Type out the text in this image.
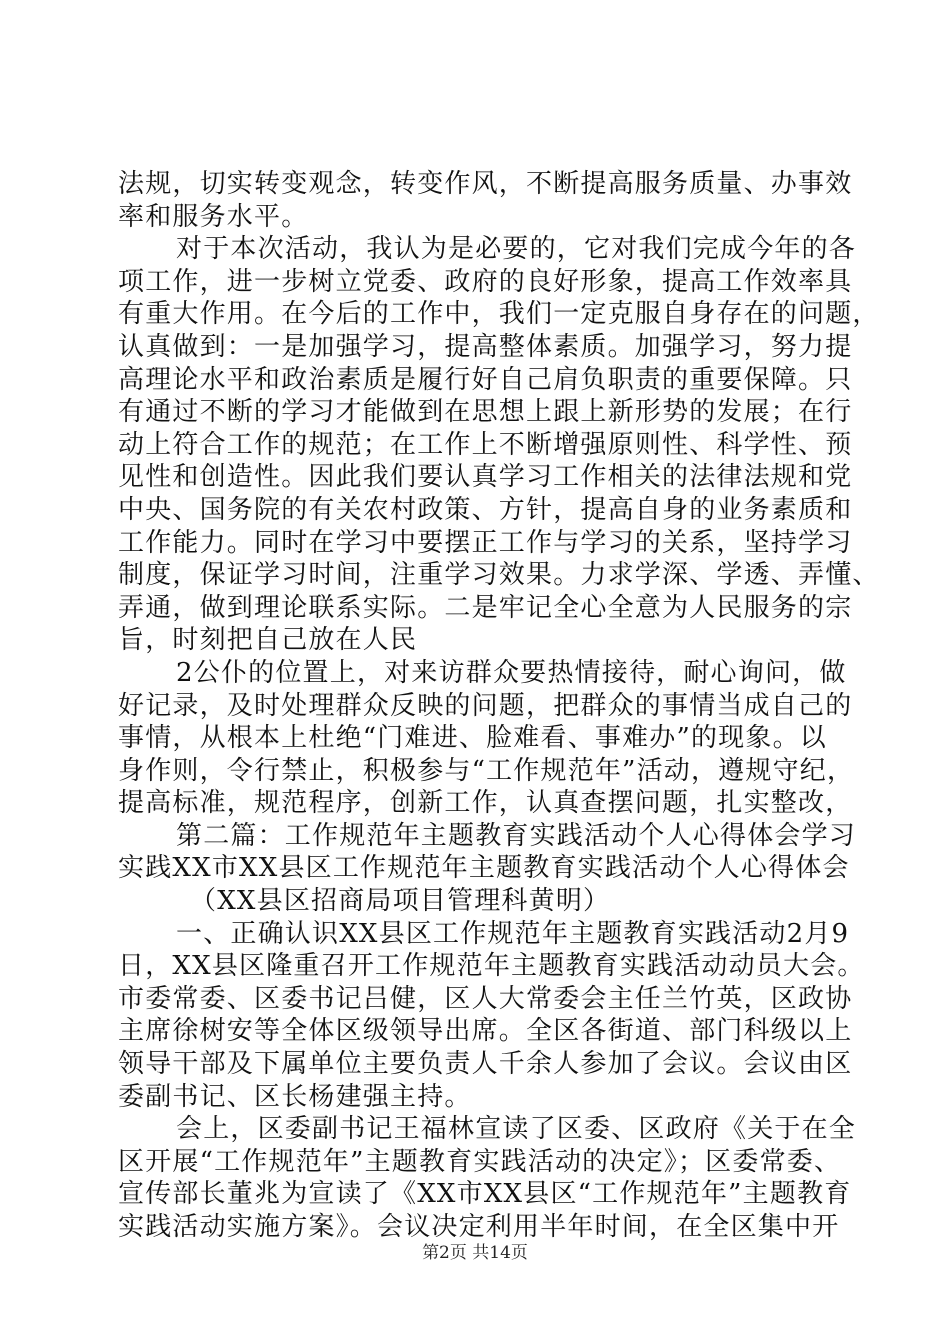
法规，切实转变观念，转变作风，不断提高服务质量、办事效
率和服务水平。
对于本次活动，我认为是必要的，它对我们完成今年的各
项工作，进一步树立党委、政府的良好形象，提高工作效率具
有重大作用。在今后的工作中，我们一定克服自身存在的问题，
认真做到：一是加强学习，提高整体素质。加强学习，努力提
高理论水平和政治素质是履行好自己肩负职责的重要保障。只
有通过不断的学习才能做到在思想上跟上新形势的发展；在行
动上符合工作的规范；在工作上不断增强原则性、科学性、预
见性和创造性。因此我们要认真学习工作相关的法律法规和党
中央、国务院的有关农村政策、方针，提高自身的业务素质和
工作能力。同时在学习中要摆正工作与学习的关系，坚持学习
制度，保证学习时间，注重学习效果。力求学深、学透、弄懂、
弄通，做到理论联系实际。二是牢记全心全意为人民服务的宗
旨，时刻把自己放在人民
2公仆的位置上，对来访群众要热情接待，耐心询问，做
好记录，及时处理群众反映的问题，把群众的事情当成自己的
事情，从根本上杜绝“门难进、脸难看、事难办”的现象。以
身作则，令行禁止，积极参与“工作规范年”活动，遵规守纪，
提高标准，规范程序，创新工作，认真查摆问题，扎实整改，
第二篇：工作规范年主题教育实践活动个人心得体会学习
实践XX市XX县区工作规范年主题教育实践活动个人心得体会
（XX县区招商局项目管理科黄明）
一、正确认识XX县区工作规范年主题教育实践活动2月9
日，XX县区隆重召开工作规范年主题教育实践活动动员大会。
市委常委、区委书记吕健，区人大常委会主任兰竹英，区政协
主席徐树安等全体区级领导出席。全区各街道、部门科级以上
领导干部及下属单位主要负责人千余人参加了会议。会议由区
委副书记、区长杨建强主持。
会上，区委副书记王福林宣读了区委、区政府《关于在全
区开展“工作规范年”主题教育实践活动的决定》；区委常委、
宣传部长董兆为宣读了《XX市XX县区“工作规范年”主题教育
实践活动实施方案》。会议决定利用半年时间，在全区集中开
第2页 共14页
